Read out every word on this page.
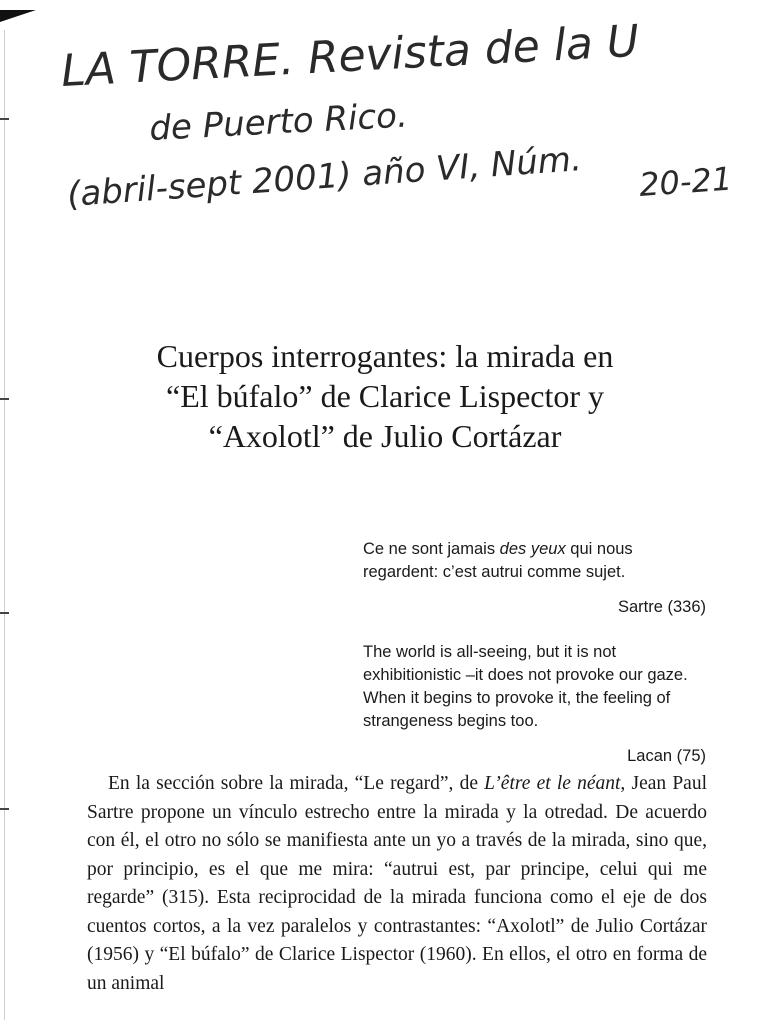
LA TORRE. Revista de la U
de Puerto Rico.
(abril-sept 2001) año VI, Núm. 20-21
Cuerpos interrogantes: la mirada en
“El búfalo” de Clarice Lispector y
“Axolotl” de Julio Cortázar

Ce ne sont jamais des yeux qui nous regardent: c’est autrui comme sujet.

Sartre (336)

The world is all-seeing, but it is not exhibitionistic –it does not provoke our gaze. When it begins to provoke it, the feeling of strangeness begins too.

Lacan (75)

En la sección sobre la mirada, “Le regard”, de L’être et le néant, Jean Paul Sartre propone un vínculo estrecho entre la mirada y la otredad. De acuerdo con él, el otro no sólo se manifiesta ante un yo a través de la mirada, sino que, por principio, es el que me mira: “autrui est, par principe, celui qui me regarde” (315). Esta reciprocidad de la mirada funciona como el eje de dos cuentos cortos, a la vez paralelos y contrastantes: “Axolotl” de Julio Cortázar (1956) y “El búfalo” de Clarice Lispector (1960). En ellos, el otro en forma de un animal
